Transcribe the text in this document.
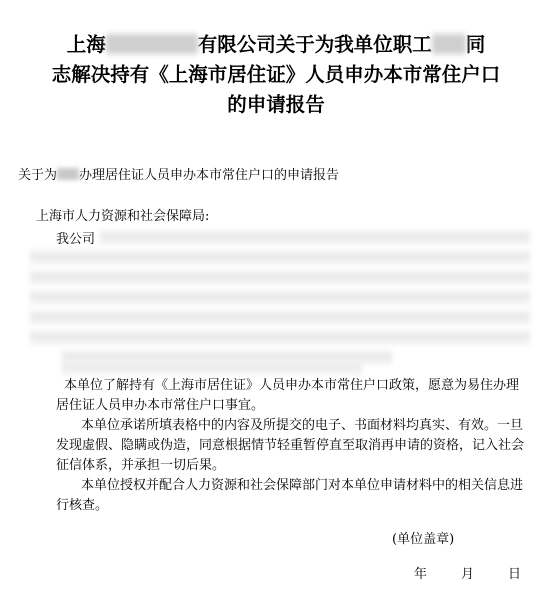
上海	有限公司关于为我单位职工 同
志解决持有《上海市居住证》人员申办本市常住户口
的申请报告
关于为 办理居住证人员申办本市常住户口的申请报告
上海市人力资源和社会保障局:
我公司

本单位了解持有《上海市居住证》人员申办本市常住户口政策，愿意为易住办理居住证人员申办本市常住户口事宜。

本单位承诺所填表格中的内容及所提交的电子、书面材料均真实、有效。一旦发现虚假、隐瞒或伪造，同意根据情节轻重暂停直至取消再申请的资格，记入社会征信体系，并承担一切后果。

本单位授权并配合人力资源和社会保障部门对本单位申请材料中的相关信息进行核查。

(单位盖章)
年	月	日
